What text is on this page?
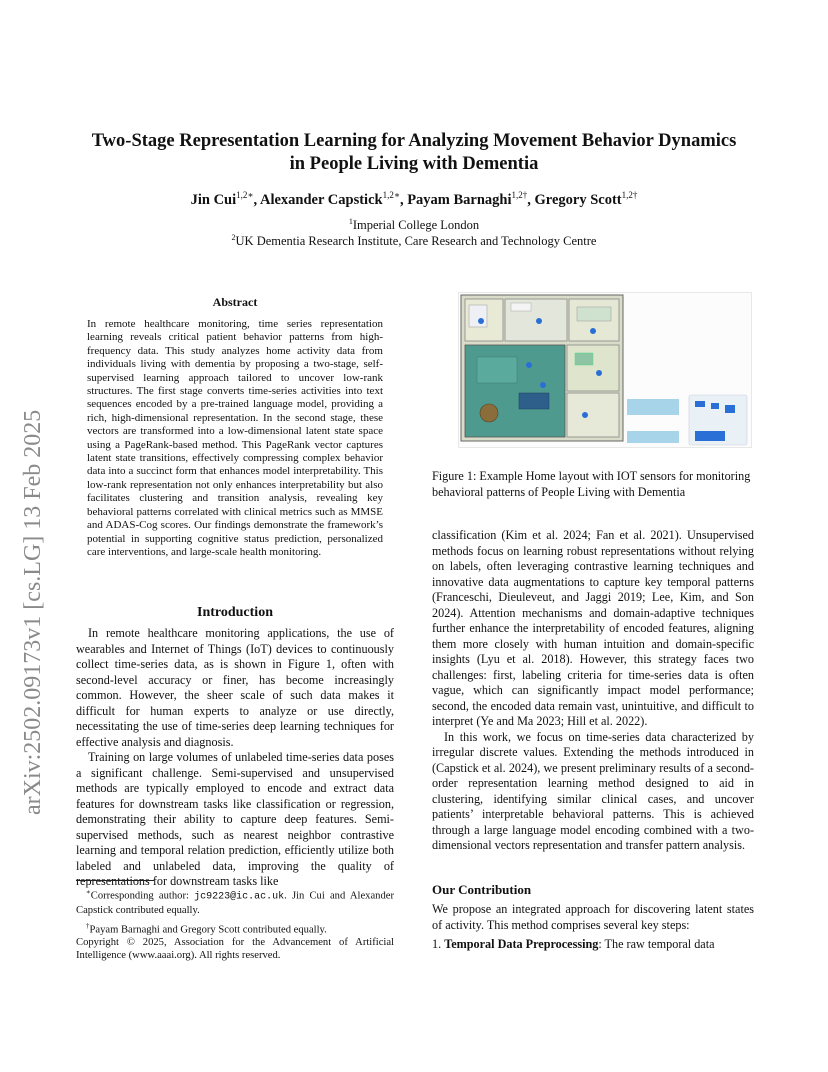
Two-Stage Representation Learning for Analyzing Movement Behavior Dynamics
in People Living with Dementia
Jin Cui$^{1,2∗}$, Alexander Capstick$^{1,2∗}$, Payam Barnaghi$^{1,2\dagger}$, Gregory Scott$^{1,2\dagger}$
$^1$Imperial College London
$^2$UK Dementia Research Institute, Care Research and Technology Centre
arXiv:2502.09173v1 [cs.LG] 13 Feb 2025
Abstract
In remote healthcare monitoring, time series representation learning reveals critical patient behavior patterns from high-frequency data. This study analyzes home activity data from individuals living with dementia by proposing a two-stage, self-supervised learning approach tailored to uncover low-rank structures. The first stage converts time-series activities into text sequences encoded by a pre-trained language model, providing a rich, high-dimensional representation. In the second stage, these vectors are transformed into a low-dimensional latent state space using a PageRank-based method. This PageRank vector captures latent state transitions, effectively compressing complex behavior data into a succinct form that enhances model interpretability. This low-rank representation not only enhances interpretability but also facilitates clustering and transition analysis, revealing key behavioral patterns correlated with clinical metrics such as MMSE and ADAS-Cog scores. Our findings demonstrate the framework’s potential in supporting cognitive status prediction, personalized care interventions, and large-scale health monitoring.
Introduction

In remote healthcare monitoring applications, the use of wearables and Internet of Things (IoT) devices to continuously collect time-series data, as is shown in Figure 1, often with second-level accuracy or finer, has become increasingly common. However, the sheer scale of such data makes it difficult for human experts to analyze or use directly, necessitating the use of time-series deep learning techniques for effective analysis and diagnosis.

Training on large volumes of unlabeled time-series data poses a significant challenge. Semi-supervised and unsupervised methods are typically employed to encode and extract data features for downstream tasks like classification or regression, demonstrating their ability to capture deep features. Semi-supervised methods, such as nearest neighbor contrastive learning and temporal relation prediction, efficiently utilize both labeled and unlabeled data, improving the quality of representations for downstream tasks like

∗Corresponding author: jc9223@ic.ac.uk. Jin Cui and Alexander Capstick contributed equally.

†Payam Barnaghi and Gregory Scott contributed equally.

Copyright © 2025, Association for the Advancement of Artificial Intelligence (www.aaai.org). All rights reserved.

Figure 1: Example Home layout with IOT sensors for monitoring behavioral patterns of People Living with Dementia

classification (Kim et al. 2024; Fan et al. 2021). Unsupervised methods focus on learning robust representations without relying on labels, often leveraging contrastive learning techniques and innovative data augmentations to capture key temporal patterns (Franceschi, Dieuleveut, and Jaggi 2019; Lee, Kim, and Son 2024). Attention mechanisms and domain-adaptive techniques further enhance the interpretability of encoded features, aligning them more closely with human intuition and domain-specific insights (Lyu et al. 2018). However, this strategy faces two challenges: first, labeling criteria for time-series data is often vague, which can significantly impact model performance; second, the encoded data remain vast, unintuitive, and difficult to interpret (Ye and Ma 2023; Hill et al. 2022).

In this work, we focus on time-series data characterized by irregular discrete values. Extending the methods introduced in (Capstick et al. 2024), we present preliminary results of a second-order representation learning method designed to aid in clustering, identifying similar clinical cases, and uncover patients’ interpretable behavioral patterns. This is achieved through a large language model encoding combined with a two-dimensional vectors representation and transfer pattern analysis.

Our Contribution

We propose an integrated approach for discovering latent states of activity. This method comprises several key steps:

1. Temporal Data Preprocessing: The raw temporal data
